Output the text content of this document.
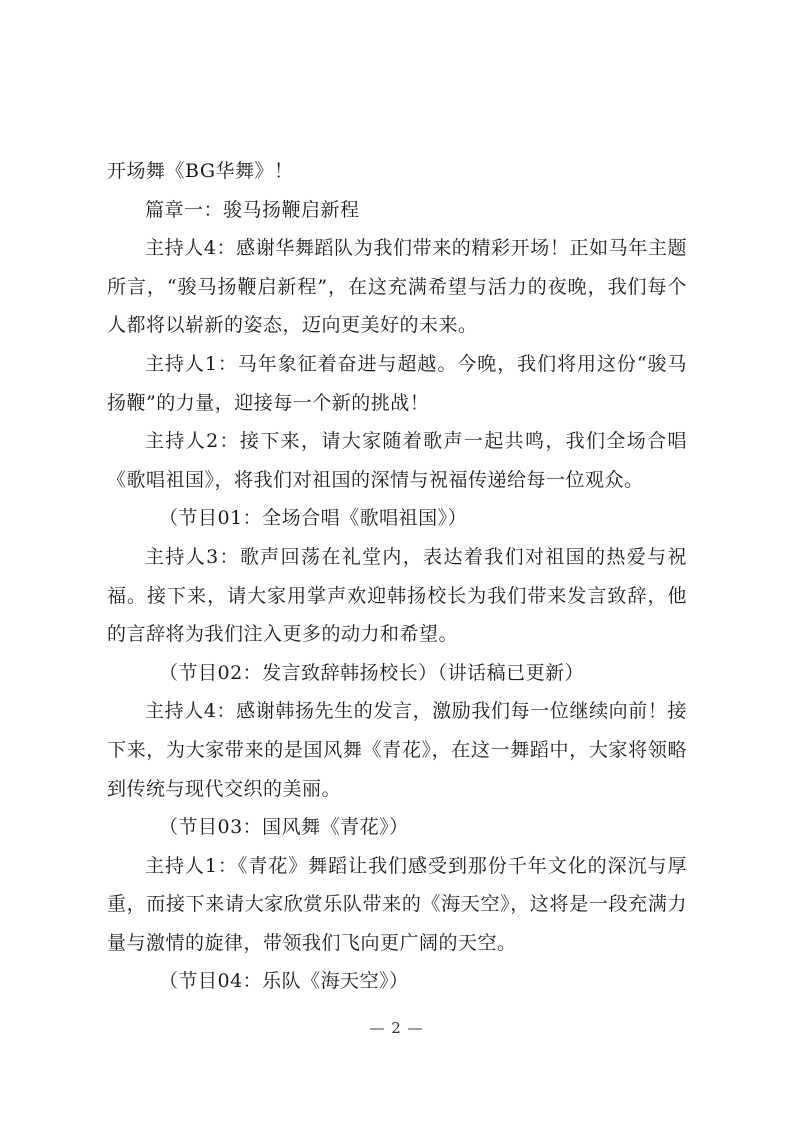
开场舞《BG华舞》！

篇章一：骏马扬鞭启新程

主持人4：感谢华舞蹈队为我们带来的精彩开场！正如马年主题所言，“骏马扬鞭启新程”，在这充满希望与活力的夜晚，我们每个人都将以崭新的姿态，迈向更美好的未来。

主持人1：马年象征着奋进与超越。今晚，我们将用这份“骏马扬鞭”的力量，迎接每一个新的挑战！

主持人2：接下来，请大家随着歌声一起共鸣，我们全场合唱《歌唱祖国》，将我们对祖国的深情与祝福传递给每一位观众。

（节目01：全场合唱《歌唱祖国》）

主持人3：歌声回荡在礼堂内，表达着我们对祖国的热爱与祝福。接下来，请大家用掌声欢迎韩扬校长为我们带来发言致辞，他的言辞将为我们注入更多的动力和希望。

（节目02：发言致辞韩扬校长）（讲话稿已更新）

主持人4：感谢韩扬先生的发言，激励我们每一位继续向前！接下来，为大家带来的是国风舞《青花》，在这一舞蹈中，大家将领略到传统与现代交织的美丽。

（节目03：国风舞《青花》）

主持人1：《青花》舞蹈让我们感受到那份千年文化的深沉与厚重，而接下来请大家欣赏乐队带来的《海天空》，这将是一段充满力量与激情的旋律，带领我们飞向更广阔的天空。

（节目04：乐队《海天空》）

— 2 —
